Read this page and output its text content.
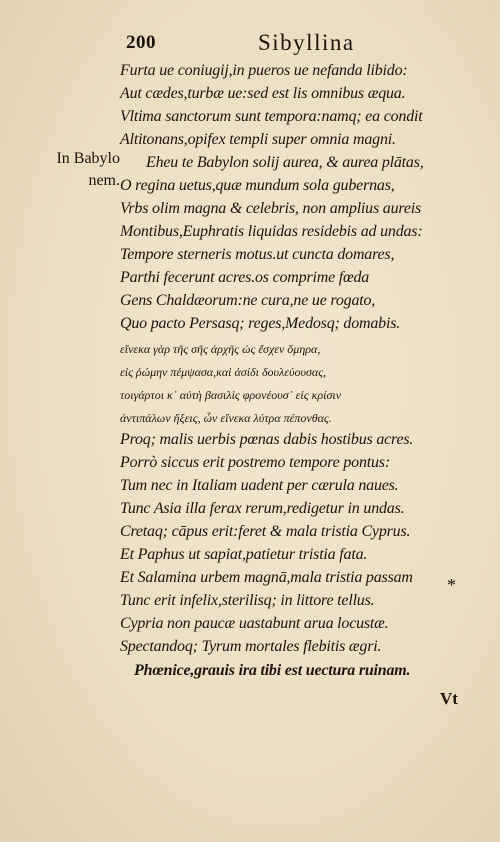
200	Sibyllina
In Babylo
nem.
Furta ue coniugij,in pueros ue nefanda libido:
Aut cædes,turbæ ue:sed est lis omnibus æqua.
Vltima sanctorum sunt tempora:namq; ea condit
Altitonans,opifex templi super omnia magni.
Eheu te Babylon solij aurea, & aurea plātas,
O regina uetus,quæ mundum sola gubernas,
Vrbs olim magna & celebris, non amplius aureis
Montibus,Euphratis liquidas residebis ad undas:
Tempore sterneris motus.ut cuncta domares,
Parthi fecerunt acres.os comprime fœda
Gens Chaldæorum:ne cura,ne ue rogato,
Quo pacto Persasq; reges,Medosq; domabis.
εἵνεκα γὰρ τῆς σῆς ἀρχῆς ὡς ἔσχεν ὅμηρα,
εἰς ῥώμην πέμψασα,καὶ ἀσίδι δουλεύουσας,
τοιγάρτοι κ᾽ αὐτὴ βασιλὶς φρονέουσ᾽ εἰς κρίσιν
ἀντιπάλων ἥξεις, ὧν εἵνεκα λύτρα πέπονθας.
Proq; malis uerbis pœnas dabis hostibus acres.
Porrò siccus erit postremo tempore pontus:
Tum nec in Italiam uadent per cærula naues.
Tunc Asia illa ferax rerum,redigetur in undas.
Cretaq; cāpus erit:feret & mala tristia Cyprus.
Et Paphus ut sapiat,patietur tristia fata.
Et Salamina urbem magnā,mala tristia passam
Tunc erit infelix,sterilisq; in littore tellus.
Cypria non paucæ uastabunt arua locustæ.
Spectandoq; Tyrum mortales flebitis ægri.
Phœnice,grauis ira tibi est uectura ruinam.
*
Vt
